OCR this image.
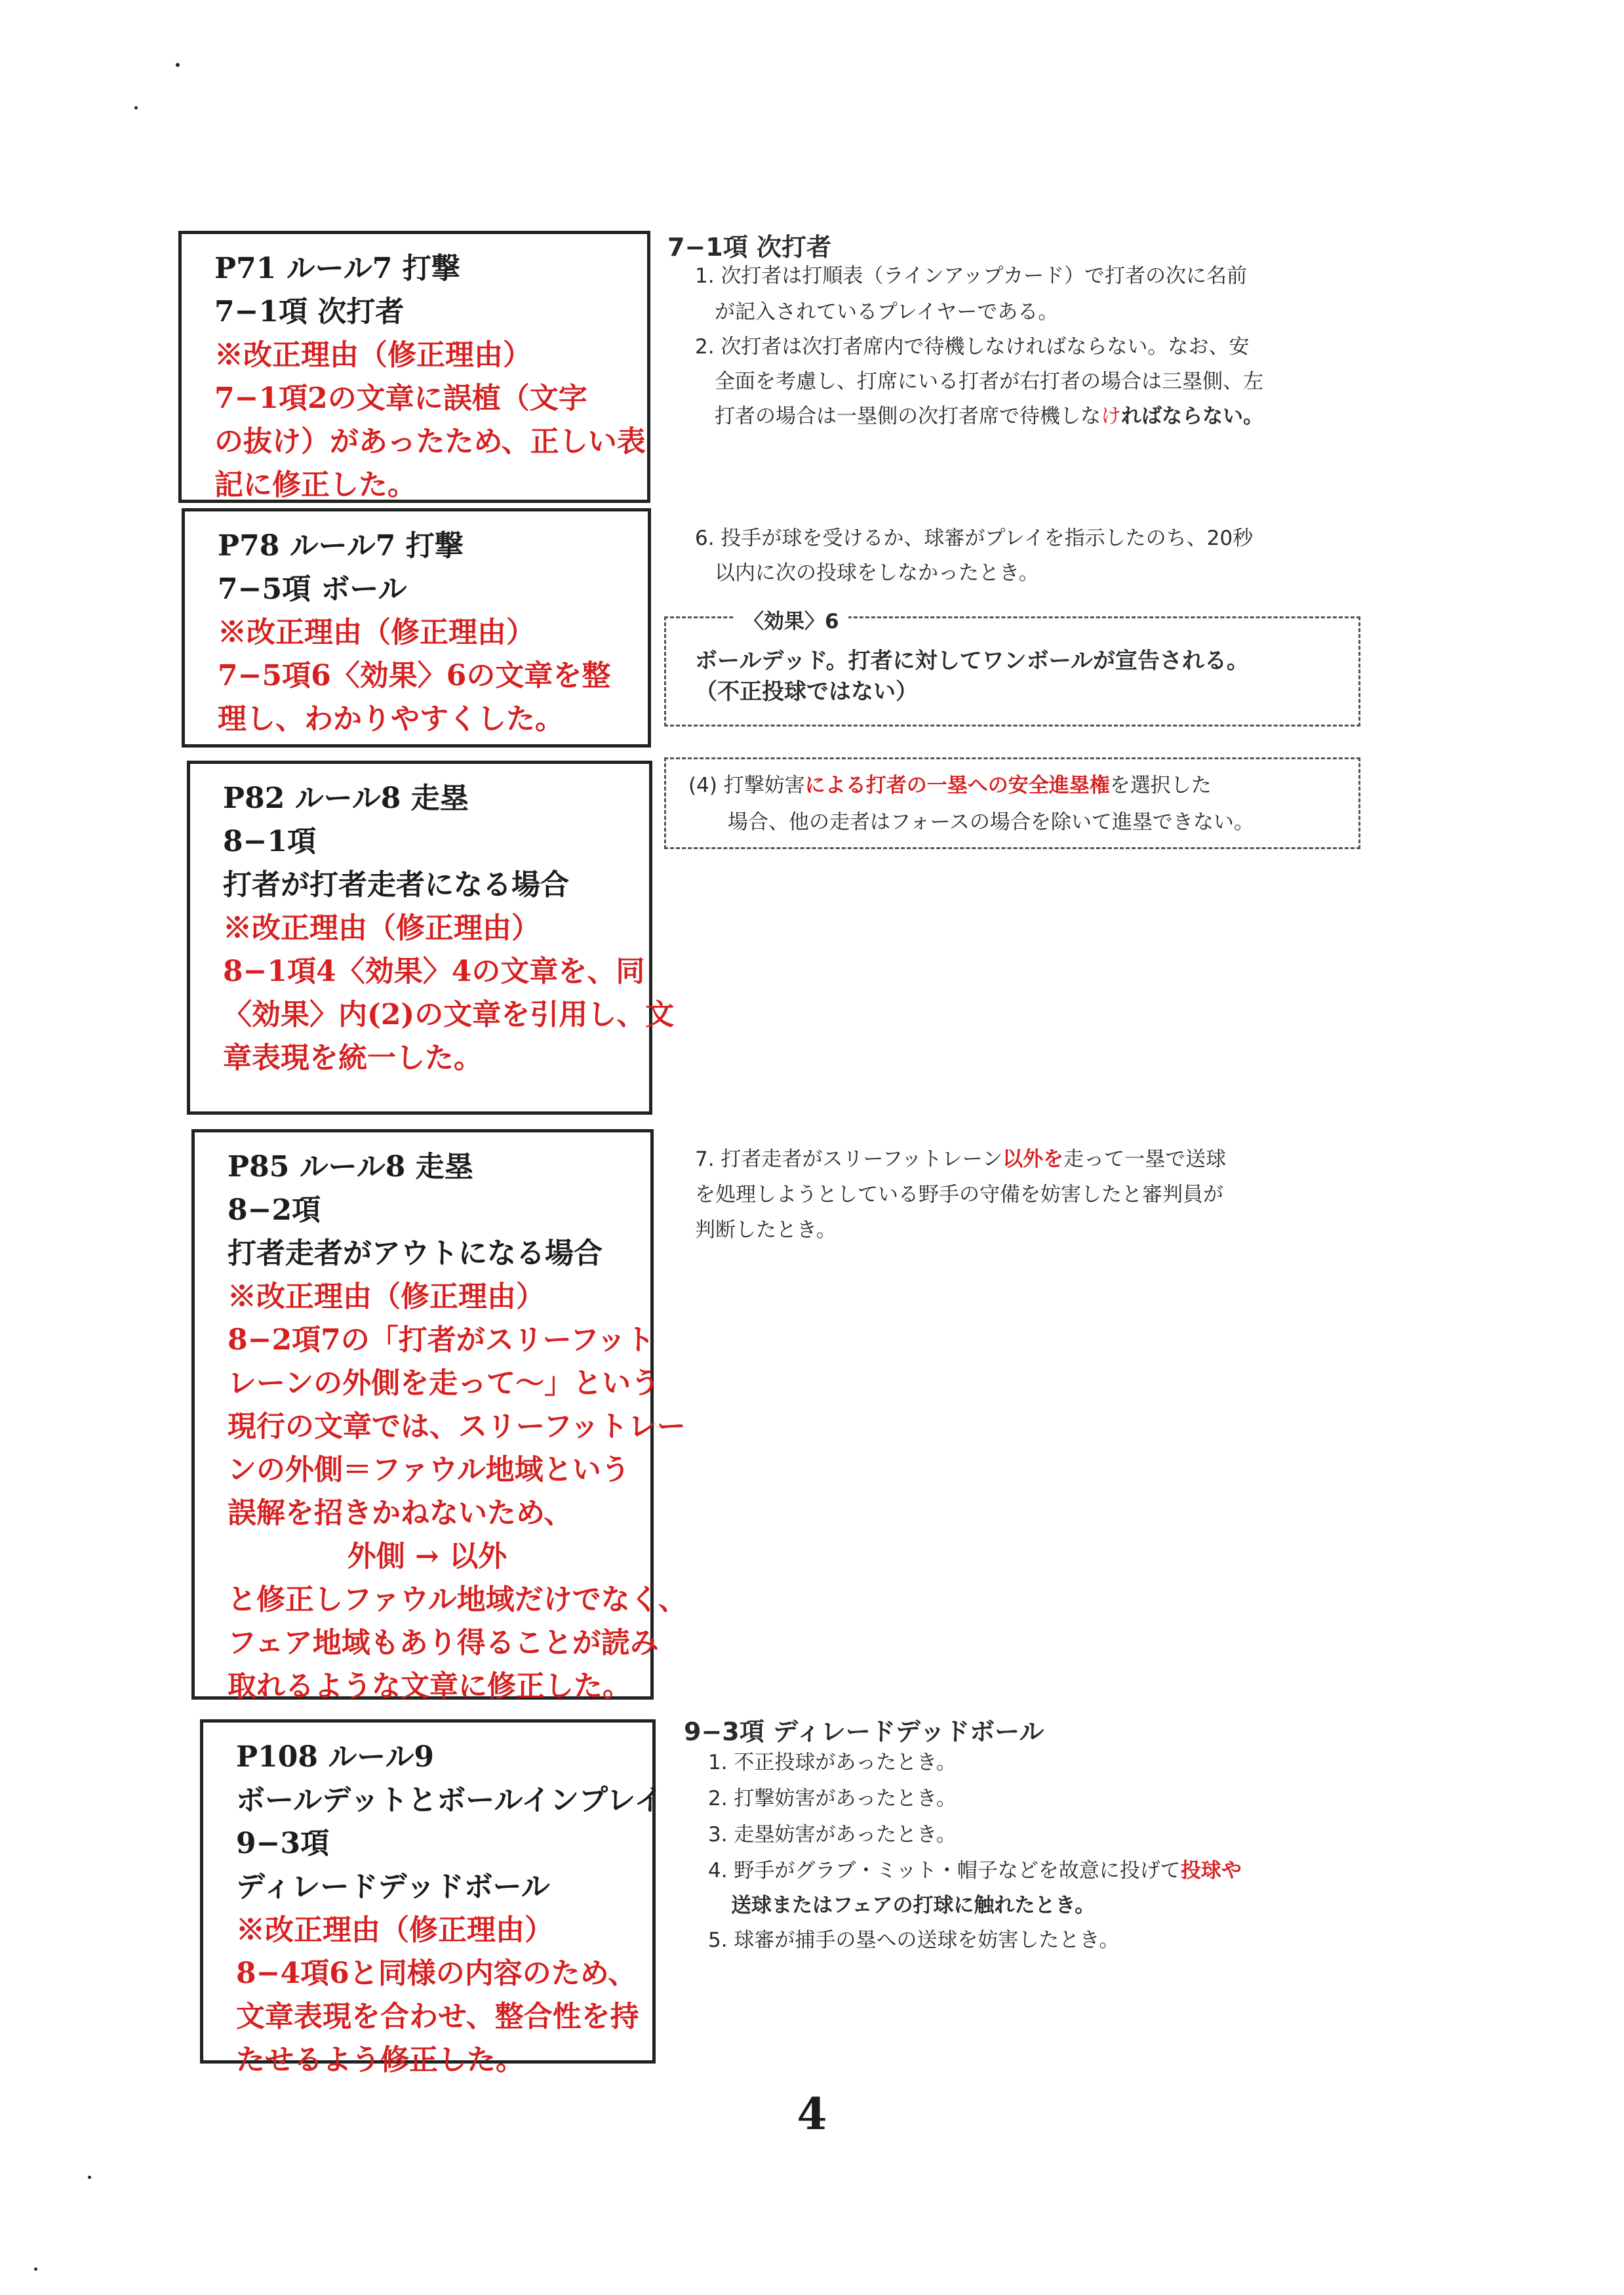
P71 ルール7 打撃
7−1項 次打者
※改正理由（修正理由）
7−1項2の文章に誤植（文字
の抜け）があったため、正しい表
記に修正した。
P78 ルール7 打撃
7−5項 ボール
※改正理由（修正理由）
7−5項6〈効果〉6の文章を整
理し、わかりやすくした。
P82 ルール8 走塁
8−1項
打者が打者走者になる場合
※改正理由（修正理由）
8−1項4〈効果〉4の文章を、同
〈効果〉内(2)の文章を引用し、文
章表現を統一した。
P85 ルール8 走塁
8−2項
打者走者がアウトになる場合
※改正理由（修正理由）
8−2項7の「打者がスリーフット
レーンの外側を走って〜」という
現行の文章では、スリーフットレー
ンの外側＝ファウル地域という
誤解を招きかねないため、
外側 → 以外
と修正しファウル地域だけでなく、
フェア地域もあり得ることが読み
取れるような文章に修正した。
P108 ルール9
ボールデットとボールインプレイ
9−3項
ディレードデッドボール
※改正理由（修正理由）
8−4項6と同様の内容のため、
文章表現を合わせ、整合性を持
たせるよう修正した。
7−1項 次打者
1. 次打者は打順表（ラインアップカード）で打者の次に名前
が記入されているプレイヤーである。
2. 次打者は次打者席内で待機しなければならない。なお、安
全面を考慮し、打席にいる打者が右打者の場合は三塁側、左
打者の場合は一塁側の次打者席で待機しなければならない。
6. 投手が球を受けるか、球審がプレイを指示したのち、20秒
以内に次の投球をしなかったとき。
〈効果〉6
ボールデッド。打者に対してワンボールが宣告される。
（不正投球ではない）
(4) 打撃妨害による打者の一塁への安全進塁権を選択した
場合、他の走者はフォースの場合を除いて進塁できない。
7. 打者走者がスリーフットレーン以外を走って一塁で送球
を処理しようとしている野手の守備を妨害したと審判員が
判断したとき。
9−3項 ディレードデッドボール
1. 不正投球があったとき。
2. 打撃妨害があったとき。
3. 走塁妨害があったとき。
4. 野手がグラブ・ミット・帽子などを故意に投げて投球や
送球またはフェアの打球に触れたとき。
5. 球審が捕手の塁への送球を妨害したとき。
4
